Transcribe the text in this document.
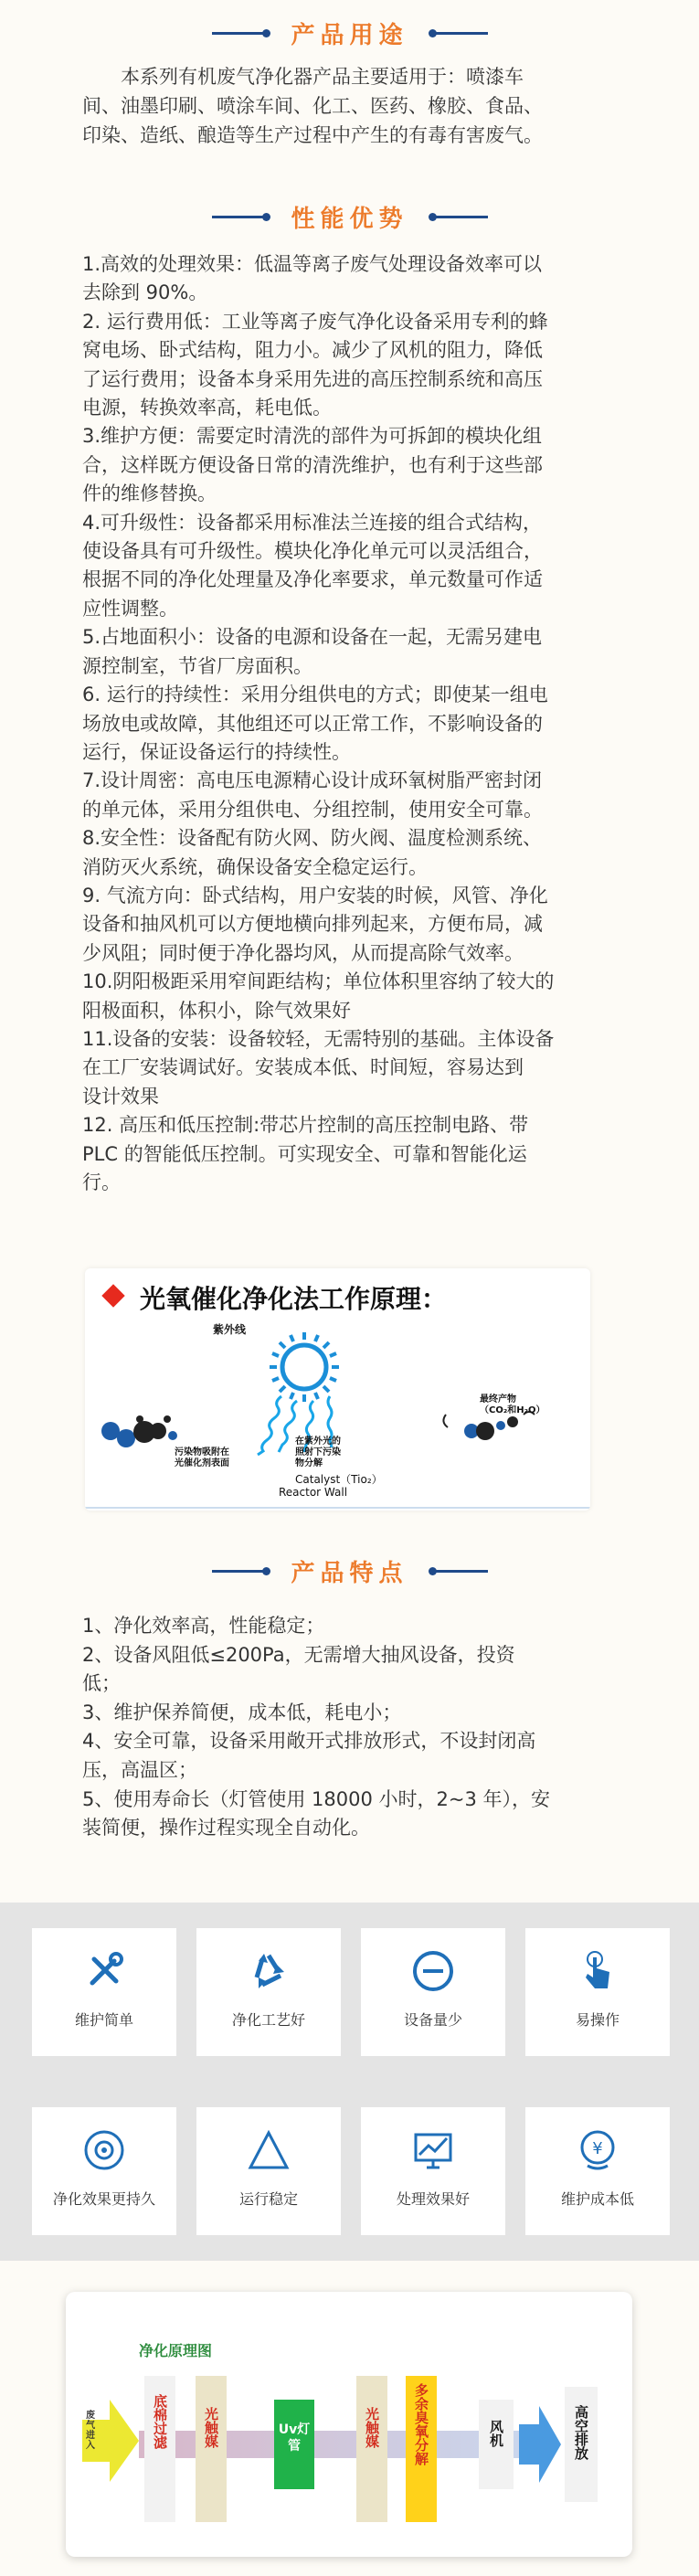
产品用途
本系列有机废气净化器产品主要适用于：喷漆车
间、油墨印刷、喷涂车间、化工、医药、橡胶、食品、
印染、造纸、酿造等生产过程中产生的有毒有害废气。
性能优势
1.高效的处理效果：低温等离子废气处理设备效率可以
去除到 90%。
2. 运行费用低：工业等离子废气净化设备采用专利的蜂
窝电场、卧式结构，阻力小。减少了风机的阻力，降低
了运行费用；设备本身采用先进的高压控制系统和高压
电源，转换效率高，耗电低。
3.维护方便：需要定时清洗的部件为可拆卸的模块化组
合，这样既方便设备日常的清洗维护，也有利于这些部
件的维修替换。
4.可升级性：设备都采用标准法兰连接的组合式结构，
使设备具有可升级性。模块化净化单元可以灵活组合，
根据不同的净化处理量及净化率要求，单元数量可作适
应性调整。
5.占地面积小：设备的电源和设备在一起，无需另建电
源控制室，节省厂房面积。
6. 运行的持续性：采用分组供电的方式；即使某一组电
场放电或故障，其他组还可以正常工作，不影响设备的
运行，保证设备运行的持续性。
7.设计周密：高电压电源精心设计成环氧树脂严密封闭
的单元体，采用分组供电、分组控制，使用安全可靠。
8.安全性：设备配有防火网、防火阀、温度检测系统、
消防灭火系统，确保设备安全稳定运行。
9. 气流方向：卧式结构，用户安装的时候，风管、净化
设备和抽风机可以方便地横向排列起来，方便布局，减
少风阻；同时便于净化器均风，从而提高除气效率。
10.阴阳极距采用窄间距结构；单位体积里容纳了较大的
阳极面积，体积小，除气效果好
11.设备的安装：设备较轻，无需特别的基础。主体设备
在工厂安装调试好。安装成本低、时间短，容易达到
设计效果
12. 高压和低压控制:带芯片控制的高压控制电路、带
PLC 的智能低压控制。可实现安全、可靠和智能化运
行。
光氧催化净化法工作原理：
紫外线
污染物吸附在
光催化剂表面
在紫外光的
照射下污染
物分解
Catalyst（Tio₂）
Reactor Wall
最终产物
（CO₂和H₂O）
产品特点
1、净化效率高，性能稳定；
2、设备风阻低≤200Pa，无需增大抽风设备，投资
低；
3、维护保养简便，成本低，耗电小；
4、安全可靠，设备采用敞开式排放形式，不设封闭高
压，高温区；
5、使用寿命长（灯管使用 18000 小时，2~3 年），安
装简便，操作过程实现全自动化。
维护简单	净化工艺好	设备量少	易操作
净化效果更持久	运行稳定	处理效果好
¥
维护成本低
净化原理图
废气进入	底棉过滤	光触媒	Uv灯管	光触媒 多余臭氧分解	风机	高空排放
